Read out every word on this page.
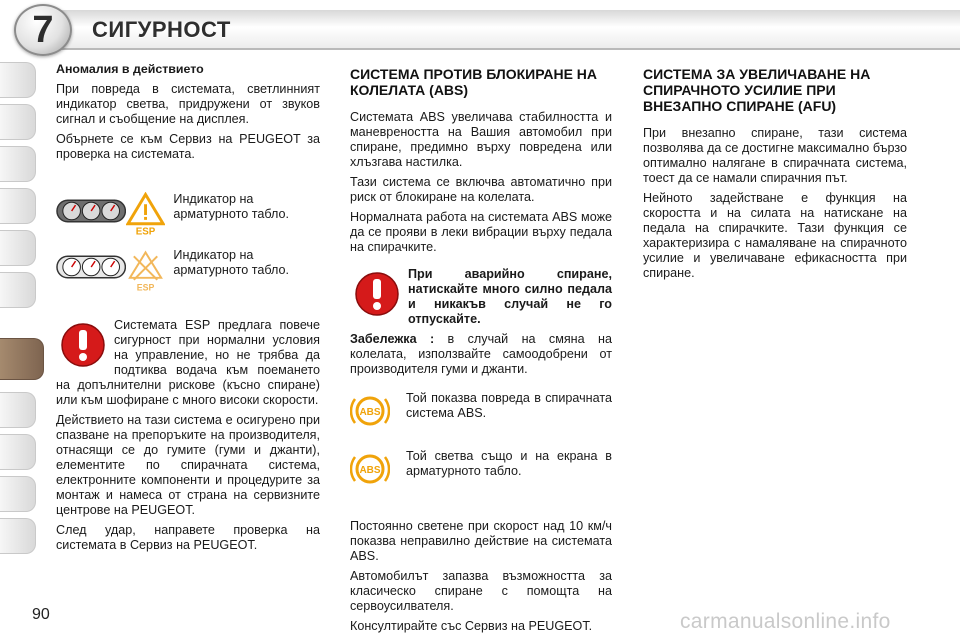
7	СИГУРНОСТ
Аномалия в действието

При повреда в системата, светлинният индикатор светва, придружени от звуков сигнал и съобщение на дисплея.

Обърнете се към Сервиз на PEUGEOT за проверка на системата.

ESP
Индикатор на арматурното табло.
ESP
Индикатор на арматурното табло.

Системата ESP предлага повече сигурност при нормални условия на управление, но не трябва да подтиква водача към поемането на допълнителни рискове (късно спиране) или към шофиране с много високи скорости.

Действието на тази система е осигурено при спазване на препоръките на производителя, отнасящи се до гумите (гуми и джанти), елементите по спирачната система, електронните компоненти и процедурите за монтаж и намеса от страна на сервизните центрове на PEUGEOT.

След удар, направете проверка на системата в Сервиз на PEUGEOT.

СИСТЕМА ПРОТИВ БЛОКИРАНЕ НА КОЛЕЛАТА (ABS)

Системата ABS увеличава стабилността и маневреността на Вашия автомобил при спиране, предимно върху повредена или хлъзгава настилка.

Тази система се включва автоматично при риск от блокиране на колелата.

Нормалната работа на системата ABS може да се прояви в леки вибрации върху педала на спирачките.

При аварийно спиране, натискайте много силно педала и никакъв случай не го отпускайте.

Забележка : в случай на смяна на колелата, използвайте самоодобрени от производителя гуми и джанти.

ABS

Той показва повреда в спирачната система ABS.

ABS

Той светва също и на екрана в арматурното табло.

Постоянно светене при скорост над 10 км/ч показва неправилно действие на системата ABS.

Автомобилът запазва възможността за класическо спиране с помощта на сервоусилвателя.

Консултирайте със Сервиз на PEUGEOT.

СИСТЕМА ЗА УВЕЛИЧАВАНЕ НА СПИРАЧНОТО УСИЛИЕ ПРИ ВНЕЗАПНО СПИРАНЕ (AFU)

При внезапно спиране, тази система позволява да се достигне максимално бързо оптимално налягане в спирачната система, тоест да се намали спирачния път.

Нейното задействане е функция на скоростта и на силата на натискане на педала на спирачките. Тази функция се характеризира с намаляване на спирачното усилие и увеличаване ефикасността при спиране.

90	carmanualsonline.info
